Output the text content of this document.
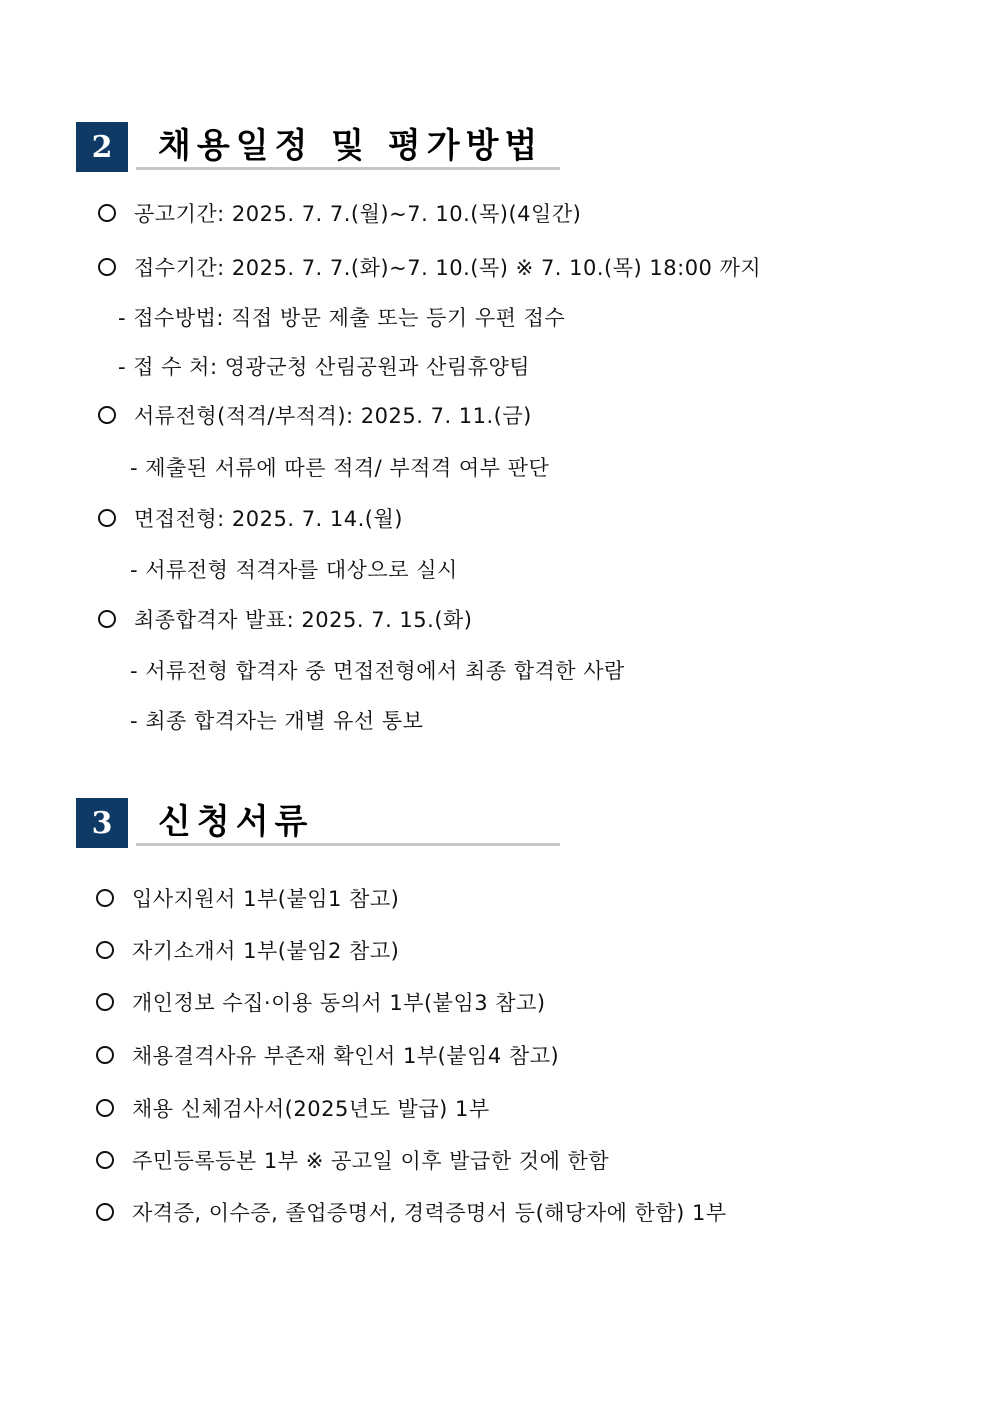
2	채용일정 및 평가방법
공고기간: 2025. 7. 7.(월)~7. 10.(목)(4일간)
접수기간: 2025. 7. 7.(화)~7. 10.(목) ※ 7. 10.(목) 18:00 까지
- 접수방법: 직접 방문 제출 또는 등기 우편 접수
- 접 수 처: 영광군청 산림공원과 산림휴양팀
서류전형(적격/부적격): 2025. 7. 11.(금)
- 제출된 서류에 따른 적격/ 부적격 여부 판단
면접전형: 2025. 7. 14.(월)
- 서류전형 적격자를 대상으로 실시
최종합격자 발표: 2025. 7. 15.(화)
- 서류전형 합격자 중 면접전형에서 최종 합격한 사람
- 최종 합격자는 개별 유선 통보
3	신청서류
입사지원서 1부(붙임1 참고)
자기소개서 1부(붙임2 참고)
개인정보 수집·이용 동의서 1부(붙임3 참고)
채용결격사유 부존재 확인서 1부(붙임4 참고)
채용 신체검사서(2025년도 발급) 1부
주민등록등본 1부 ※ 공고일 이후 발급한 것에 한함
자격증, 이수증, 졸업증명서, 경력증명서 등(해당자에 한함) 1부
